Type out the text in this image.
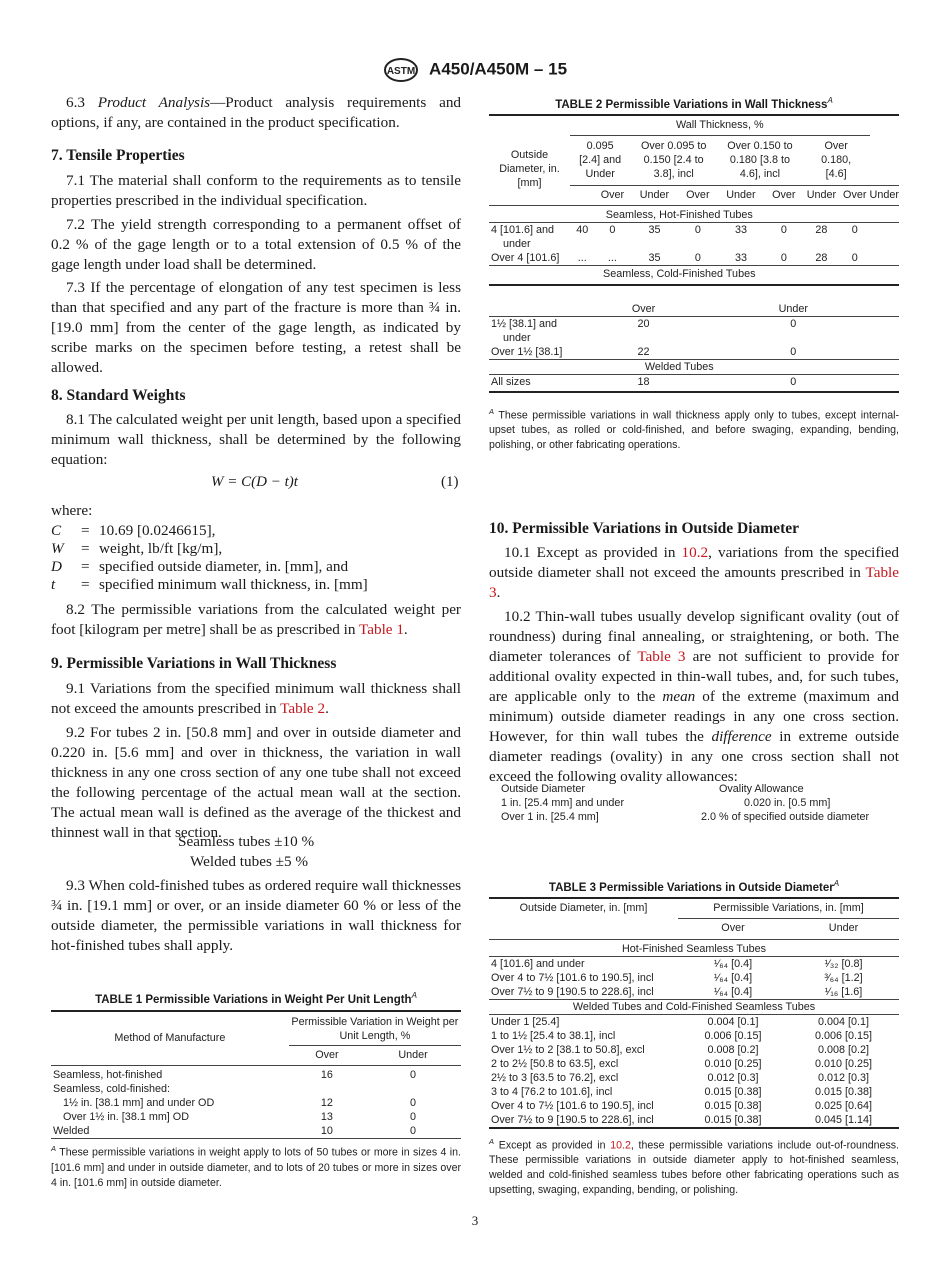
ASTM A450/A450M – 15

6.3 Product Analysis—Product analysis requirements and options, if any, are contained in the product specification.

7. Tensile Properties

7.1 The material shall conform to the requirements as to tensile properties prescribed in the individual specification.

7.2 The yield strength corresponding to a permanent offset of 0.2 % of the gage length or to a total extension of 0.5 % of the gage length under load shall be determined.

7.3 If the percentage of elongation of any test specimen is less than that specified and any part of the fracture is more than ¾ in. [19.0 mm] from the center of the gage length, as indicated by scribe marks on the specimen before testing, a retest shall be allowed.

8. Standard Weights

8.1 The calculated weight per unit length, based upon a specified minimum wall thickness, shall be determined by the following equation:

W = C(D − t)t	(1)
where:
C = 10.69 [0.0246615],
W = weight, lb/ft [kg/m],
D = specified outside diameter, in. [mm], and
t = specified minimum wall thickness, in. [mm]

8.2 The permissible variations from the calculated weight per foot [kilogram per metre] shall be as prescribed in Table 1.

9. Permissible Variations in Wall Thickness

9.1 Variations from the specified minimum wall thickness shall not exceed the amounts prescribed in Table 2.

9.2 For tubes 2 in. [50.8 mm] and over in outside diameter and 0.220 in. [5.6 mm] and over in thickness, the variation in wall thickness in any one cross section of any one tube shall not exceed the following percentage of the actual mean wall at the section. The actual mean wall is defined as the average of the thickest and thinnest wall in that section.

Seamless tubes ±10 %
Welded tubes ±5 %

9.3 When cold-finished tubes as ordered require wall thicknesses ¾ in. [19.1 mm] or over, or an inside diameter 60 % or less of the outside diameter, the permissible variations in wall thickness for hot-finished tubes shall apply.

TABLE 1 Permissible Variations in Weight Per Unit Length$^A$
Method of Manufacture	Permissible Variation in Weight per Unit Length, %	
	Over	Under

Seamless, hot-finished	16	0
Seamless, cold-finished:		
1½ in. [38.1 mm] and under OD	12	0
Over 1½ in. [38.1 mm] OD	13	0
Welded	10	0
$^A$ These permissible variations in weight apply to lots of 50 tubes or more in sizes 4 in. [101.6 mm] and under in outside diameter, and to lots of 20 tubes or more in sizes over 4 in. [101.6 mm] in outside diameter.
TABLE 2 Permissible Variations in Wall Thickness$^A$
Outside Diameter, in. [mm]	Wall Thickness, %								
	0.095 [2.4] and Under		Over 0.095 to 0.150 [2.4 to 3.8], incl		Over 0.150 to 0.180 [3.8 to 4.6], incl		Over 0.180, [4.6]		
		Over	Under	Over	Under	Over	Under	Over	Under
Seamless, Hot-Finished Tubes									
4 [101.6] and under	40	0	35	0	33	0	28	0	
Over 4 [101.6]	...	...	35	0	33	0	28	0	
Seamless, Cold-Finished Tubes									

	Over				Under				
1½ [38.1] and under	20				0				
Over 1½ [38.1]	22				0				
Welded Tubes									
All sizes	18				0				
$^A$ These permissible variations in wall thickness apply only to tubes, except internal-upset tubes, as rolled or cold-finished, and before swaging, expanding, bending, polishing, or other fabricating operations.
10. Permissible Variations in Outside Diameter

10.1 Except as provided in 10.2, variations from the specified outside diameter shall not exceed the amounts prescribed in Table 3.

10.2 Thin-wall tubes usually develop significant ovality (out of roundness) during final annealing, or straightening, or both. The diameter tolerances of Table 3 are not sufficient to provide for additional ovality expected in thin-wall tubes, and, for such tubes, are applicable only to the mean of the extreme (maximum and minimum) outside diameter readings in any one cross section. However, for thin wall tubes the difference in extreme outside diameter readings (ovality) in any one cross section shall not exceed the following ovality allowances:

Outside Diameter	Ovality Allowance
1 in. [25.4 mm] and under	0.020 in. [0.5 mm]
Over 1 in. [25.4 mm]	2.0 % of specified outside diameter
TABLE 3 Permissible Variations in Outside Diameter$^A$
Outside Diameter, in. [mm]	Permissible Variations, in. [mm]	
	Over	Under
Hot-Finished Seamless Tubes		
4 [101.6] and under	¹⁄₆₄ [0.4]	¹⁄₃₂ [0.8]
Over 4 to 7½ [101.6 to 190.5], incl	¹⁄₆₄ [0.4]	³⁄₆₄ [1.2]
Over 7½ to 9 [190.5 to 228.6], incl	¹⁄₆₄ [0.4]	¹⁄₁₆ [1.6]
Welded Tubes and Cold-Finished Seamless Tubes		
Under 1 [25.4]	0.004 [0.1]	0.004 [0.1]
1 to 1½ [25.4 to 38.1], incl	0.006 [0.15]	0.006 [0.15]
Over 1½ to 2 [38.1 to 50.8], excl	0.008 [0.2]	0.008 [0.2]
2 to 2½ [50.8 to 63.5], excl	0.010 [0.25]	0.010 [0.25]
2½ to 3 [63.5 to 76.2], excl	0.012 [0.3]	0.012 [0.3]
3 to 4 [76.2 to 101.6], incl	0.015 [0.38]	0.015 [0.38]
Over 4 to 7½ [101.6 to 190.5], incl	0.015 [0.38]	0.025 [0.64]
Over 7½ to 9 [190.5 to 228.6], incl	0.015 [0.38]	0.045 [1.14]
$^A$ Except as provided in 10.2, these permissible variations include out-of-roundness. These permissible variations in outside diameter apply to hot-finished seamless, welded and cold-finished seamless tubes before other fabricating operations such as upsetting, swaging, expanding, bending, or polishing.
3
